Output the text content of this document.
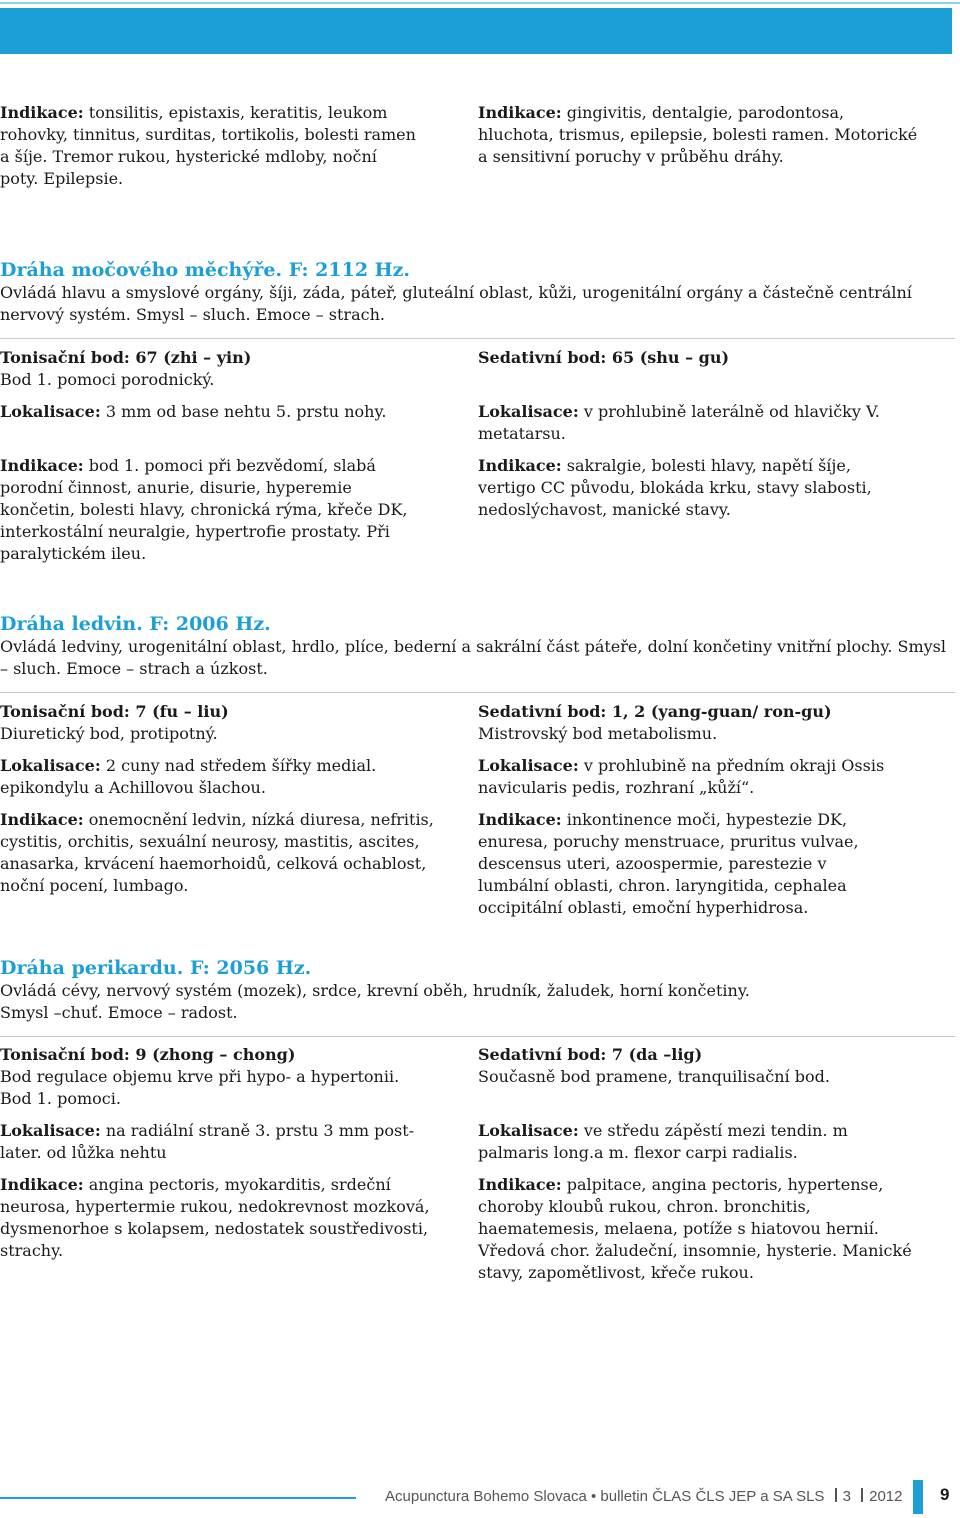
Indikace: tonsilitis, epistaxis, keratitis, leukom rohovky, tinnitus, surditas, tortikolis, bolesti ramen a šíje. Tremor rukou, hysterické mdloby, noční poty. Epilepsie.

Indikace: gingivitis, dentalgie, parodontosa, hluchota, trismus, epilepsie, bolesti ramen. Motorické a sensitivní poruchy v průběhu dráhy.

Dráha močového měchýře. F: 2112 Hz.

Ovládá hlavu a smyslové orgány, šíji, záda, páteř, gluteální oblast, kůži, urogenitální orgány a částečně centrální nervový systém. Smysl – sluch. Emoce – strach.

Tonisační bod: 67 (zhi – yin)

Bod 1. pomoci porodnický.

Lokalisace: 3 mm od base nehtu 5. prstu nohy.

Indikace: bod 1. pomoci při bezvědomí, slabá porodní činnost, anurie, disurie, hyperemie končetin, bolesti hlavy, chronická rýma, křeče DK, interkostální neuralgie, hypertrofie prostaty. Při paralytickém ileu.

Sedativní bod: 65 (shu – gu)

Lokalisace: v prohlubině laterálně od hlavičky V. metatarsu.

Indikace: sakralgie, bolesti hlavy, napětí šíje, vertigo CC původu, blokáda krku, stavy slabosti, nedoslýchavost, manické stavy.

Dráha ledvin. F: 2006 Hz.

Ovládá ledviny, urogenitální oblast, hrdlo, plíce, bederní a sakrální část páteře, dolní končetiny vnitřní plochy. Smysl – sluch. Emoce – strach a úzkost.

Tonisační bod: 7 (fu – liu)

Diuretický bod, protipotný.

Lokalisace: 2 cuny nad středem šířky medial. epikondylu a Achillovou šlachou.

Indikace: onemocnění ledvin, nízká diuresa, nefritis, cystitis, orchitis, sexuální neurosy, mastitis, ascites, anasarka, krvácení haemorhoidů, celková ochablost, noční pocení, lumbago.

Sedativní bod: 1, 2 (yang-guan/ ron-gu)

Mistrovský bod metabolismu.

Lokalisace: v prohlubině na předním okraji Ossis navicularis pedis, rozhraní „kůží“.

Indikace: inkontinence moči, hypestezie DK, enuresa, poruchy menstruace, pruritus vulvae, descensus uteri, azoospermie, parestezie v lumbální oblasti, chron. laryngitida, cephalea occipitální oblasti, emoční hyperhidrosa.

Dráha perikardu. F: 2056 Hz.

Ovládá cévy, nervový systém (mozek), srdce, krevní oběh, hrudník, žaludek, horní končetiny. Smysl –chuť. Emoce – radost.

Tonisační bod: 9 (zhong – chong)

Bod regulace objemu krve při hypo- a hypertonii. Bod 1. pomoci.

Lokalisace: na radiální straně 3. prstu 3 mm post-later. od lůžka nehtu

Indikace: angina pectoris, myokarditis, srdeční neurosa, hypertermie rukou, nedokrevnost mozková, dysmenorhoe s kolapsem, nedostatek soustředivosti, strachy.

Sedativní bod: 7 (da –lig)

Současně bod pramene, tranquilisační bod.

Lokalisace: ve středu zápěstí mezi tendin. m palmaris long.a m. flexor carpi radialis.

Indikace: palpitace, angina pectoris, hypertense, choroby kloubů rukou, chron. bronchitis, haematemesis, melaena, potíže s hiatovou hernií. Vředová chor. žaludeční, insomnie, hysterie. Manické stavy, zapomětlivost, křeče rukou.

Acupunctura Bohemo Slovaca • bulletin ČLAS ČLS JEP a SA SLS 3 2012 9
